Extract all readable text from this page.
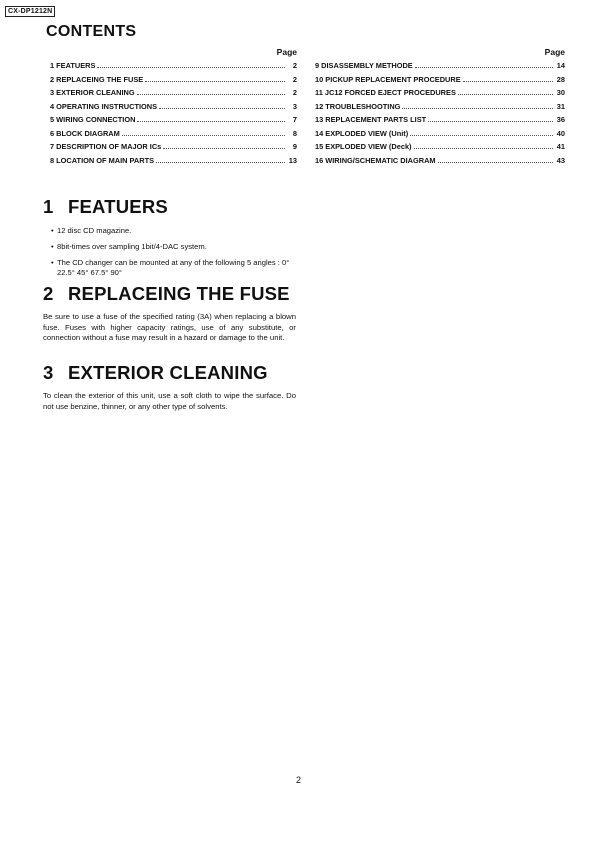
CX-DP1212N
CONTENTS
Page
1 FEATUERS	2
2 REPLACEING THE FUSE	2
3 EXTERIOR CLEANING	2
4 OPERATING INSTRUCTIONS	3
5 WIRING CONNECTION	7
6 BLOCK DIAGRAM	8
7 DESCRIPTION OF MAJOR ICs	9
8 LOCATION OF MAIN PARTS	13
Page
9 DISASSEMBLY METHODE	14
10 PICKUP REPLACEMENT PROCEDURE	28
11 JC12 FORCED EJECT PROCEDURES	30
12 TROUBLESHOOTING	31
13 REPLACEMENT PARTS LIST	36
14 EXPLODED VIEW (Unit)	40
15 EXPLODED VIEW (Deck)	41
16 WIRING/SCHEMATIC DIAGRAM	43
1 FEATUERS
• 12 disc CD magazine.
• 8bit-times over sampling 1bit/4-DAC system.
• The CD changer can be mounted at any of the following 5 angles : 0° 22.5° 45° 67.5° 90°
2 REPLACEING THE FUSE

Be sure to use a fuse of the specified rating (3A) when replacing a blown fuse. Fuses with higher capacity ratings, use of any substitute, or connection without a fuse may result in a hazard or damage to the unit.

3 EXTERIOR CLEANING

To clean the exterior of this unit, use a soft cloth to wipe the surface. Do not use benzine, thinner, or any other type of solvents.

2
